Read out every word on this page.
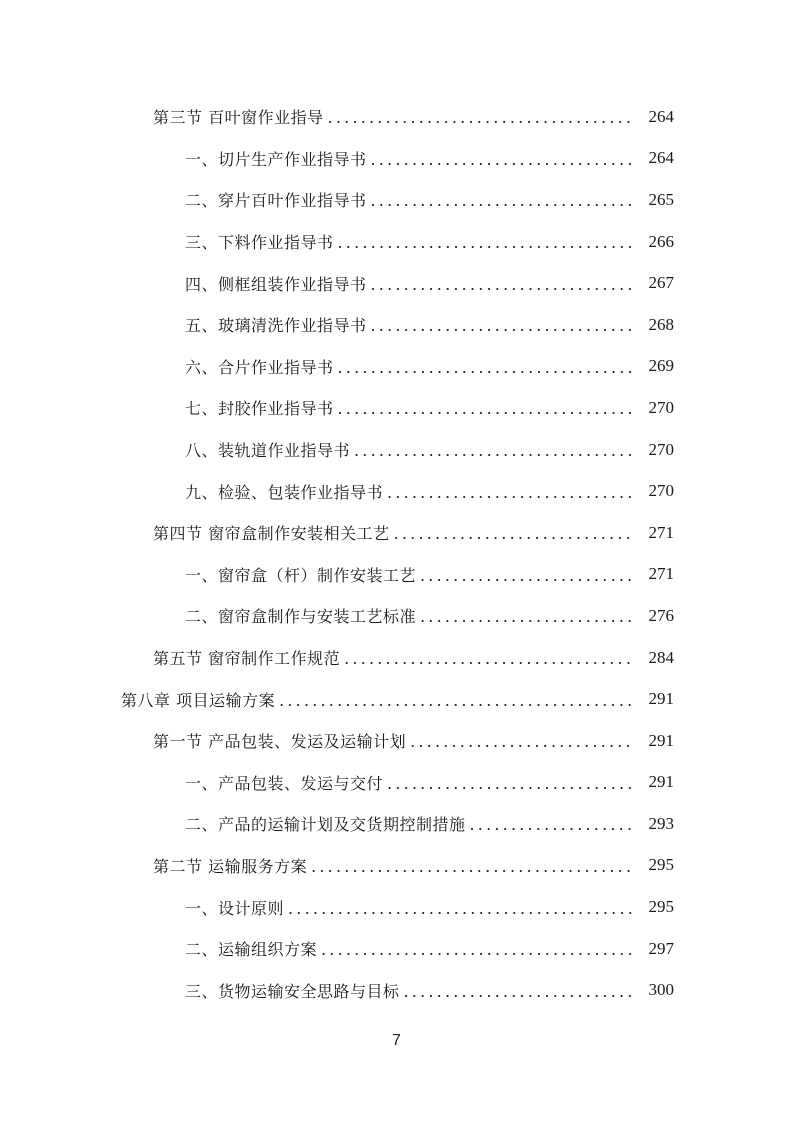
第三节 百叶窗作业指导 .....	264
一、切片生产作业指导书 .....	264
二、穿片百叶作业指导书 .....	265
三、下料作业指导书 .....	266
四、侧框组装作业指导书 .....	267
五、玻璃清洗作业指导书 .....	268
六、合片作业指导书 .....	269
七、封胶作业指导书 .....	270
八、装轨道作业指导书 .....	270
九、检验、包装作业指导书 .....	270
第四节 窗帘盒制作安装相关工艺 .....	271
一、窗帘盒（杆）制作安装工艺 .....	271
二、窗帘盒制作与安装工艺标准 .....	276
第五节 窗帘制作工作规范 .....	284
第八章 项目运输方案 .....	291
第一节 产品包装、发运及运输计划 .....	291
一、产品包装、发运与交付 .....	291
二、产品的运输计划及交货期控制措施 .....	293
第二节 运输服务方案 .....	295
一、设计原则 .....	295
二、运输组织方案 .....	297
三、货物运输安全思路与目标 .....	300
7
